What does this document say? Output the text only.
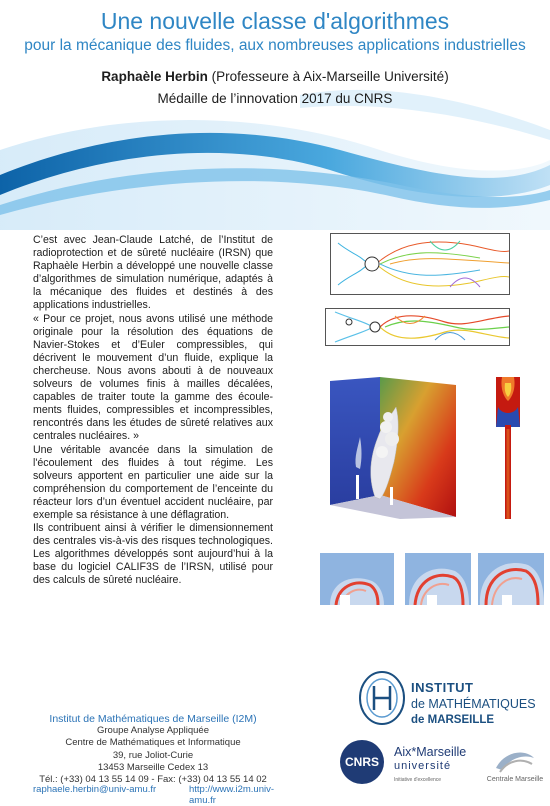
Une nouvelle classe d'algorithmes
pour la mécanique des fluides, aux nombreuses applications industrielles
Raphaèle Herbin (Professeure à Aix-Marseille Université)
Médaille de l’innovation 2017 du CNRS

C’est avec Jean-Claude Latché, de l’Institut de radioprotection et de sûreté nucléaire (IRSN) que Raphaèle Herbin a développé une nouvelle classe d’algorithmes de simulation numérique, adaptés à la mécanique des fluides et destinés à des applications industrielles.

« Pour ce projet, nous avons utilisé une méthode originale pour la résolution des équations de Navier-Stokes et d’Euler compressibles, qui décrivent le mouvement d’un fluide, explique la chercheuse. Nous avons abouti à de nouveaux solveurs de volumes finis à mailles décalées, capables de traiter toute la gamme des écoule-ments fluides, compressibles et incompressibles, rencontrés dans les études de sûreté relatives aux centrales nucléaires. »

Une véritable avancée dans la simulation de l'écoulement des fluides à tout régime. Les solveurs apportent en particulier une aide sur la compréhension du comportement de l’enceinte du réacteur lors d’un éventuel accident nucléaire, par exemple sa résistance à une déflagration.

Ils contribuent ainsi à vérifier le dimensionnement des centrales vis-à-vis des risques technologiques. Les algorithmes développés sont aujourd’hui à la base du logiciel CALIF3S de l’IRSN, utilisé pour des calculs de sûreté nucléaire.

Institut de Mathématiques de Marseille (I2M)
Groupe Analyse Appliquée
Centre de Mathématiques et Informatique
39, rue Joliot-Curie
13453 Marseille Cedex 13
Tél.: (+33) 04 13 55 14 09 - Fax: (+33) 04 13 55 14 02
raphaele.herbin@univ-amu.fr	http://www.i2m.univ-amu.fr
INSTITUT
de MATHÉMATIQUES
de MARSEILLE
CNRS
Aix*Marseille
université
Initiative d'excellence	Centrale Marseille
